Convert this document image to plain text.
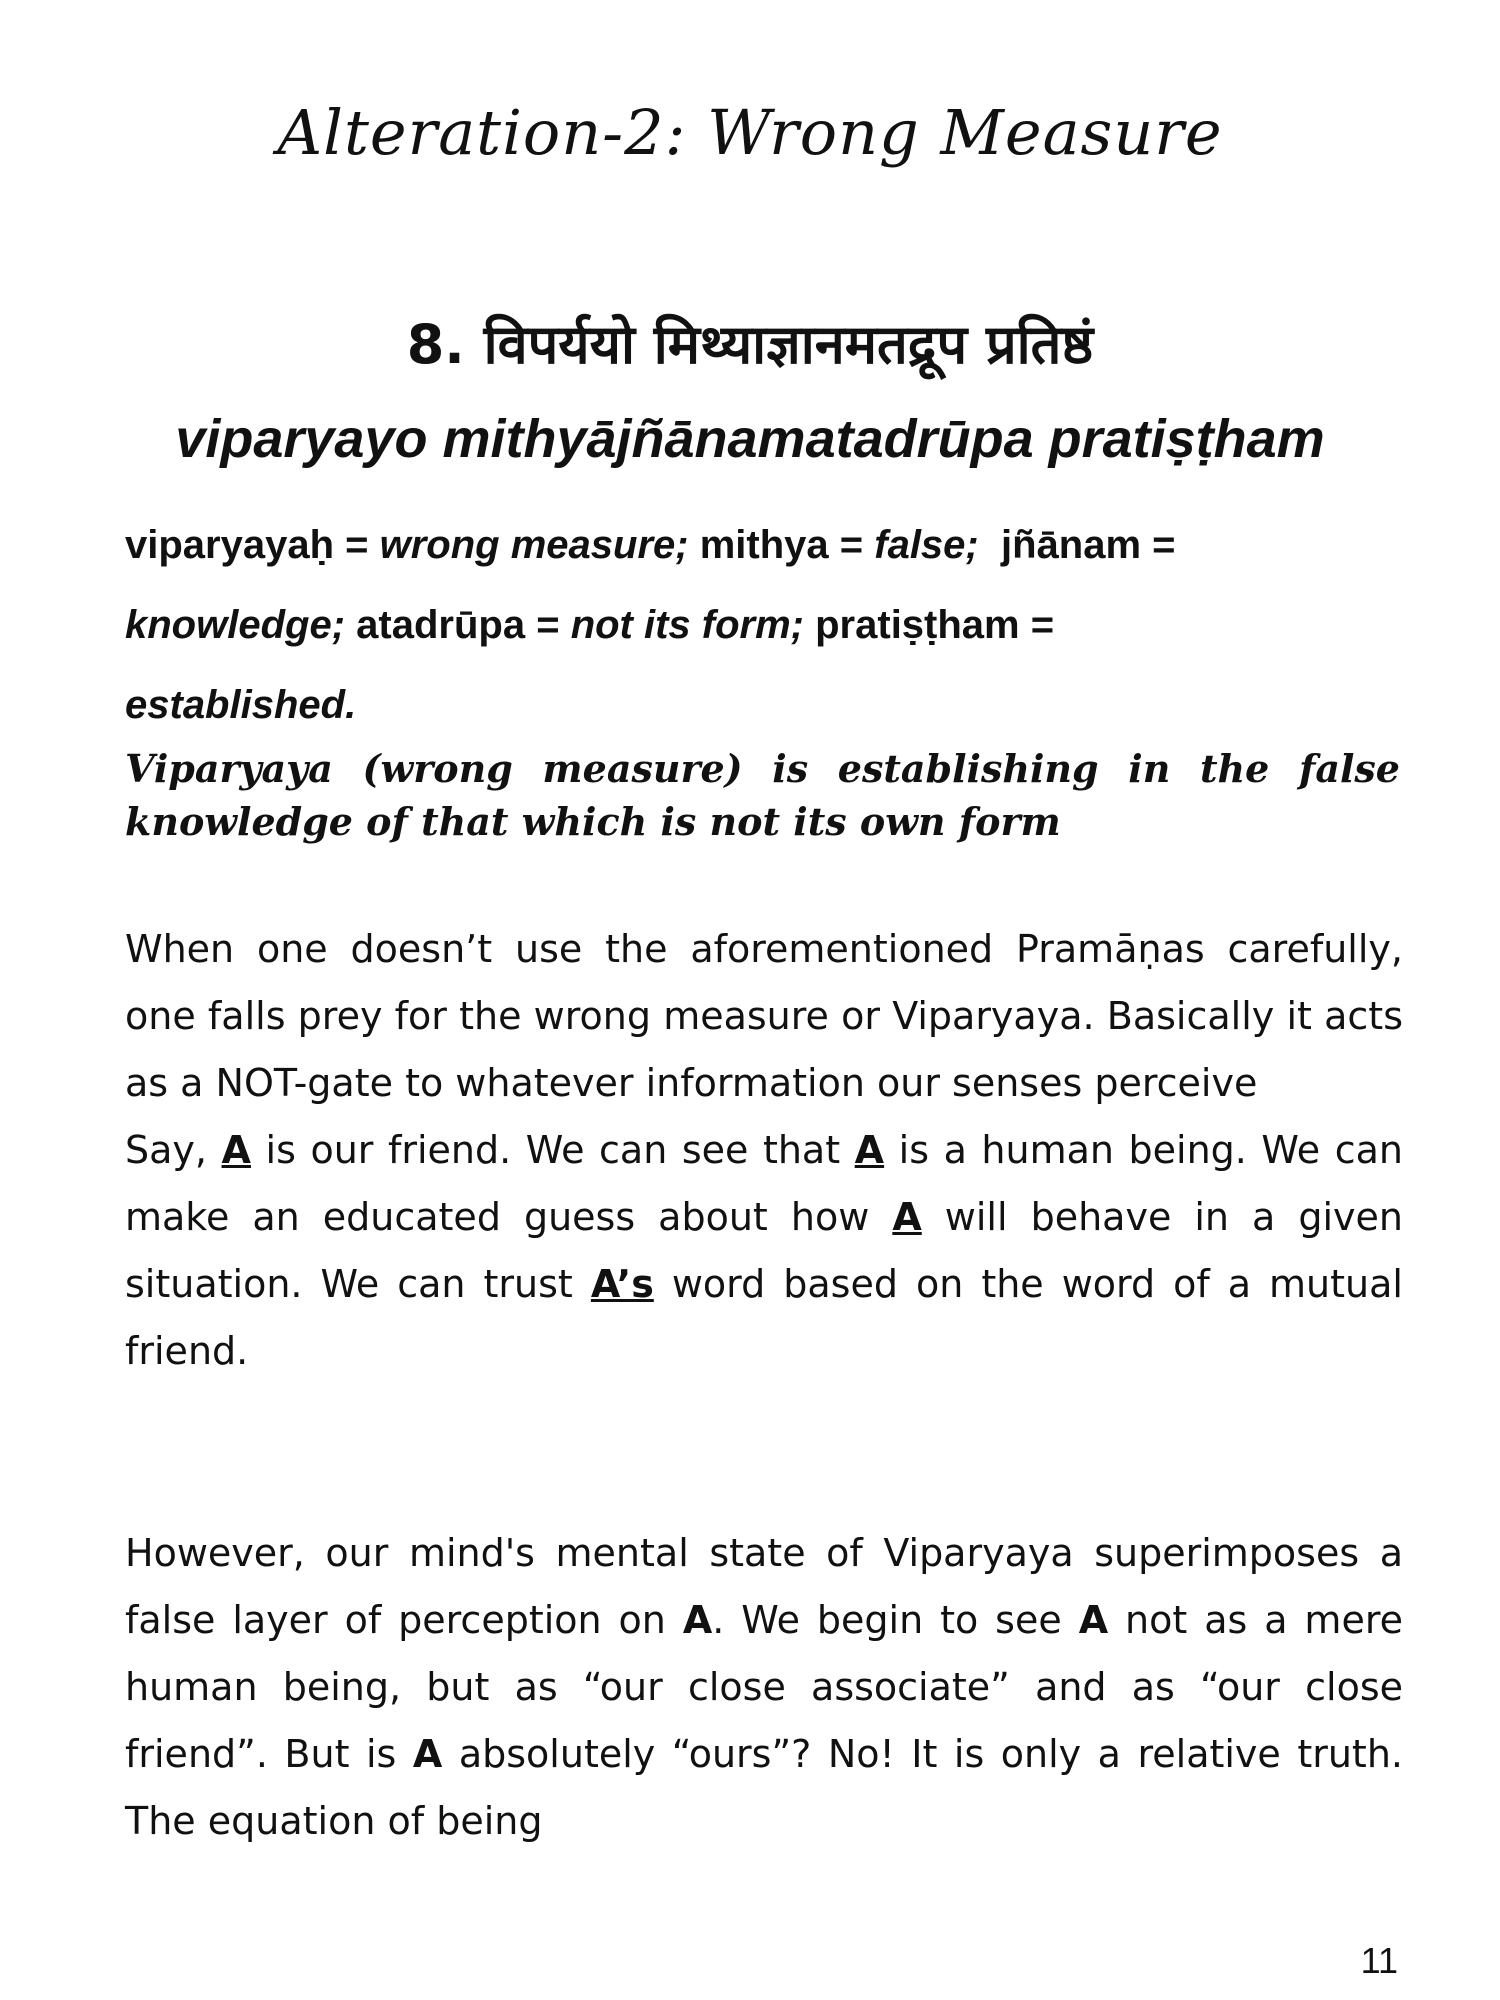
Alteration-2: Wrong Measure
8. विपर्ययो मिथ्याज्ञानमतद्रूप प्रतिष्ठं
viparyayo mithyājñānamatadrūpa pratiṣṭham
viparyayaḥ = wrong measure; mithya = false; jñānam = knowledge; atadrūpa = not its form; pratiṣṭham =
established.
Viparyaya (wrong measure) is establishing in the false knowledge of that which is not its own form

When one doesn’t use the aforementioned Pramāṇas carefully, one falls prey for the wrong measure or Viparyaya. Basically it acts as a NOT-gate to whatever information our senses perceive

Say, A is our friend. We can see that A is a human being. We can make an educated guess about how A will behave in a given situation. We can trust A’s word based on the word of a mutual friend.

However, our mind's mental state of Viparyaya superimposes a false layer of perception on A. We begin to see A not as a mere human being, but as “our close associate” and as “our close friend”. But is A absolutely “ours”? No! It is only a relative truth. The equation of being

11
